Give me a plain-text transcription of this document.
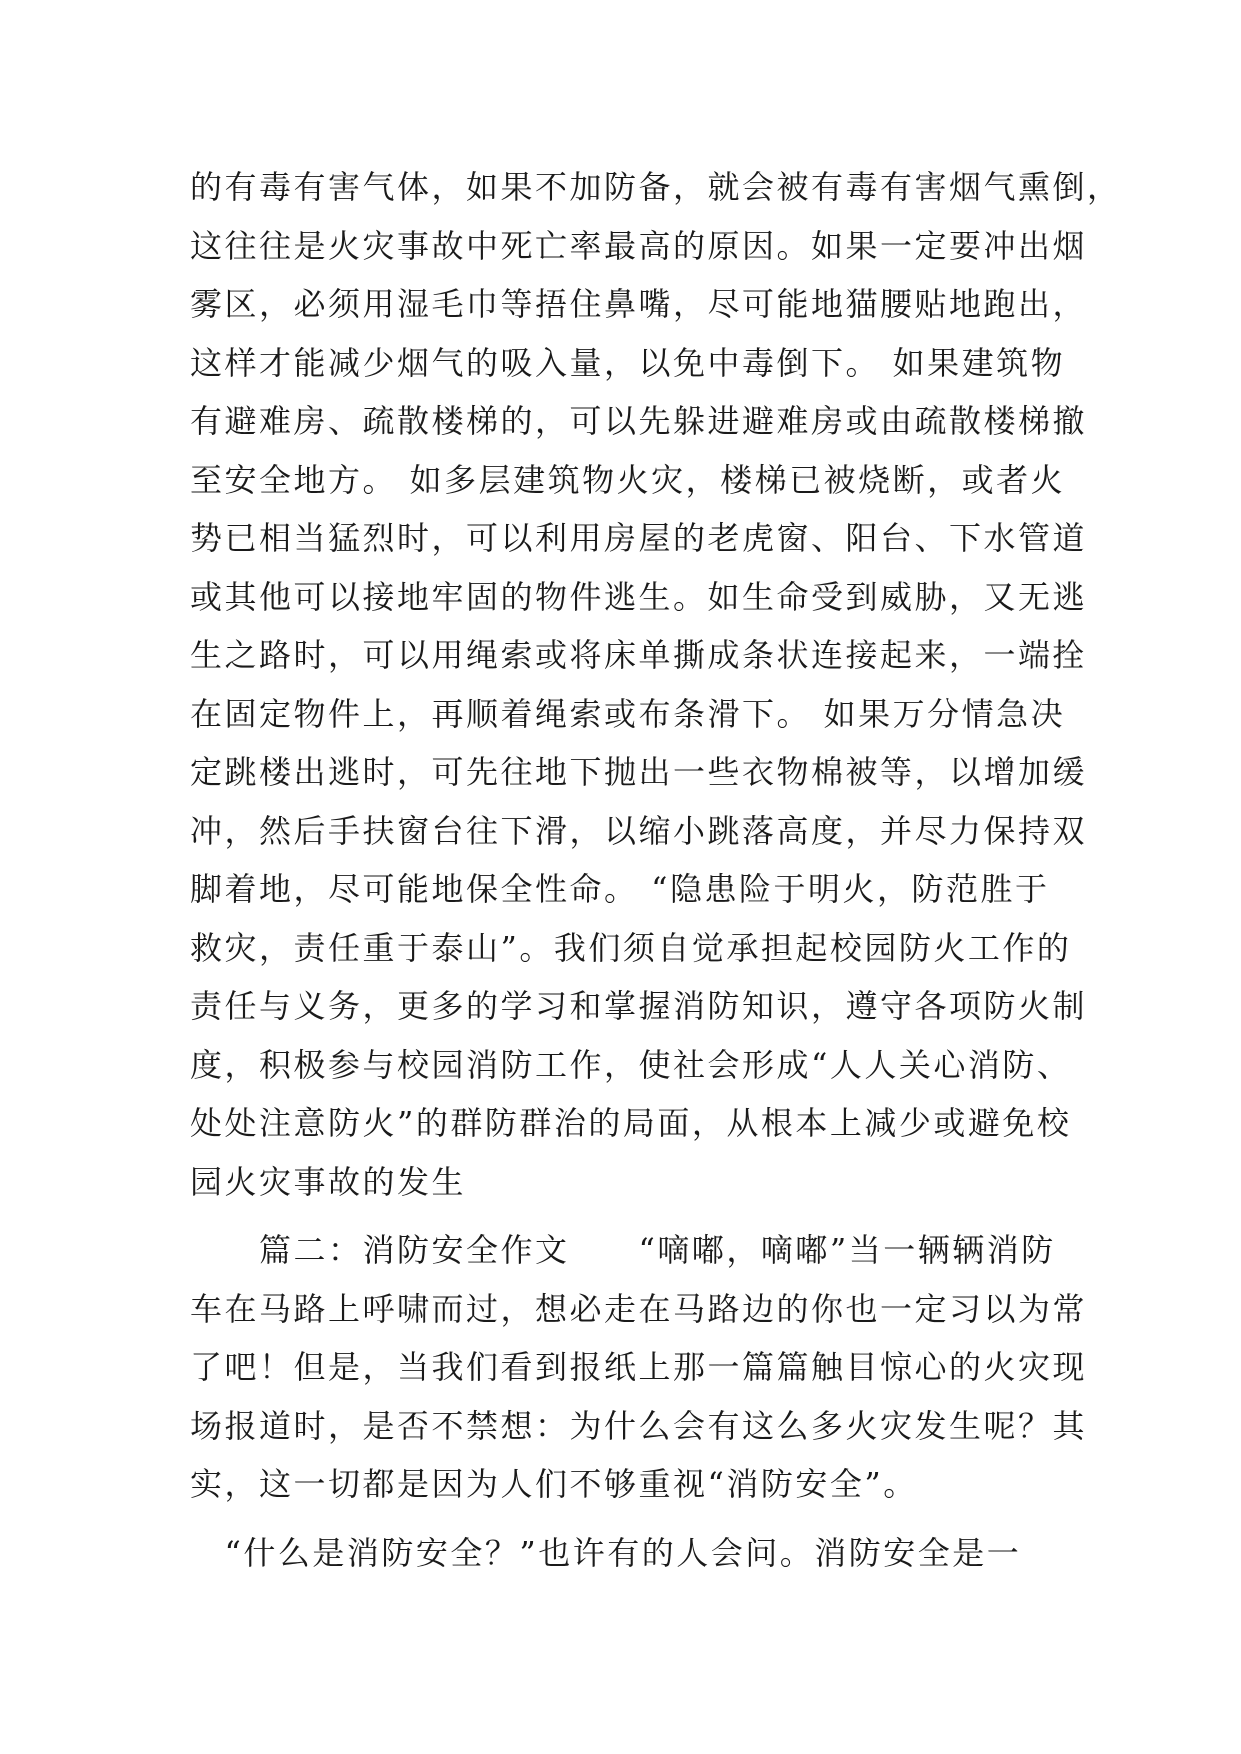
的有毒有害气体，如果不加防备，就会被有毒有害烟气熏倒，
这往往是火灾事故中死亡率最高的原因。如果一定要冲出烟
雾区，必须用湿毛巾等捂住鼻嘴，尽可能地猫腰贴地跑出，
这样才能减少烟气的吸入量，以免中毒倒下。 如果建筑物
有避难房、疏散楼梯的，可以先躲进避难房或由疏散楼梯撤
至安全地方。 如多层建筑物火灾，楼梯已被烧断，或者火
势已相当猛烈时，可以利用房屋的老虎窗、阳台、下水管道
或其他可以接地牢固的物件逃生。如生命受到威胁，又无逃
生之路时，可以用绳索或将床单撕成条状连接起来，一端拴
在固定物件上，再顺着绳索或布条滑下。 如果万分情急决
定跳楼出逃时，可先往地下抛出一些衣物棉被等，以增加缓
冲，然后手扶窗台往下滑，以缩小跳落高度，并尽力保持双
脚着地，尽可能地保全性命。 “隐患险于明火，防范胜于
救灾，责任重于泰山”。我们须自觉承担起校园防火工作的
责任与义务，更多的学习和掌握消防知识，遵守各项防火制
度，积极参与校园消防工作，使社会形成“人人关心消防、
处处注意防火”的群防群治的局面，从根本上减少或避免校
园火灾事故的发生
　　篇二：消防安全作文　　“嘀嘟，嘀嘟”当一辆辆消防
车在马路上呼啸而过，想必走在马路边的你也一定习以为常
了吧！但是，当我们看到报纸上那一篇篇触目惊心的火灾现
场报道时，是否不禁想：为什么会有这么多火灾发生呢？其
实，这一切都是因为人们不够重视“消防安全”。
　“什么是消防安全？”也许有的人会问。消防安全是一
